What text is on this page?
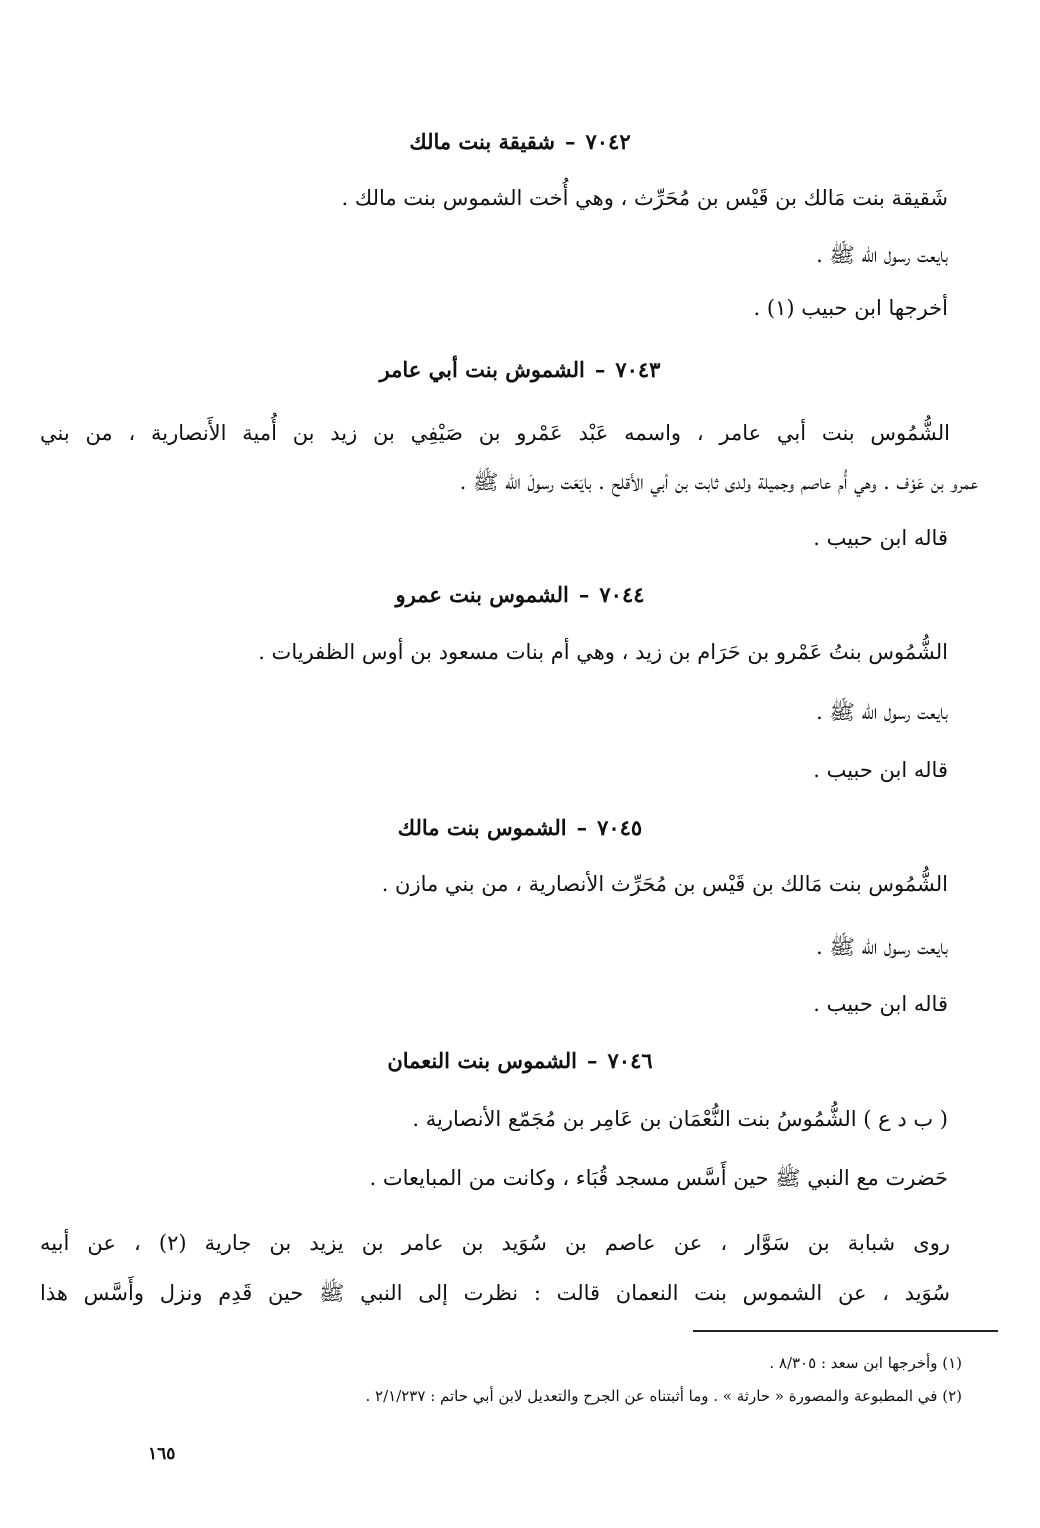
٧٠٤٢–شقيقة بنت مالك
شَقيقة بنت مَالك بن قَيْس بن مُحَرِّث ، وهي أُخت الشموس بنت مالك .
بايعت رسول الله ﷺ .
أخرجها ابن حبيب (١) .
٧٠٤٣–الشموش بنت أبي عامر
الشُّمُوس بنت أبي عامر ، واسمه عَبْد عَمْرو بن صَيْفِي بن زيد بن أُمية الأَنصارية ، من بني
عمرو بن عَوْف . وهي أُم عاصم وجميلة ولدى ثابت بن أبي الأَقلح . بايَعَت رسولَ الله ﷺ .
قاله ابن حبيب .
٧٠٤٤–الشموس بنت عمرو
الشُّمُوس بنتُ عَمْرو بن حَرَام بن زيد ، وهي أم بنات مسعود بن أوس الظفريات .
بايعت رسول الله ﷺ .
قاله ابن حبيب .
٧٠٤٥–الشموس بنت مالك
الشُّمُوس بنت مَالك بن قَيْس بن مُحَرِّث الأنصارية ، من بني مازن .
بايعت رسول الله ﷺ .
قاله ابن حبيب .
٧٠٤٦–الشموس بنت النعمان
( ب د ع ) الشُّمُوسُ بنت النُّعْمَان بن عَامِر بن مُجَمّع الأنصارية .
حَضرت مع النبي ﷺ حين أَسَّس مسجد قُبَاء ، وكانت من المبايعات .
روى شبابة بن سَوَّار ، عن عاصم بن سُوَيد بن عامر بن يزيد بن جارية (٢) ، عن أبيه
سُوَيد ، عن الشموس بنت النعمان قالت : نظرت إلى النبي ﷺ حين قَدِم ونزل وأَسَّس هذا
(١) وأخرجها ابن سعد : ٨/٣٠٥ .
(٢) في المطبوعة والمصورة « حارثة » . وما أثبتناه عن الجرح والتعديل لابن أبي حاتم : ٢/١/٢٣٧ .
١٦٥
